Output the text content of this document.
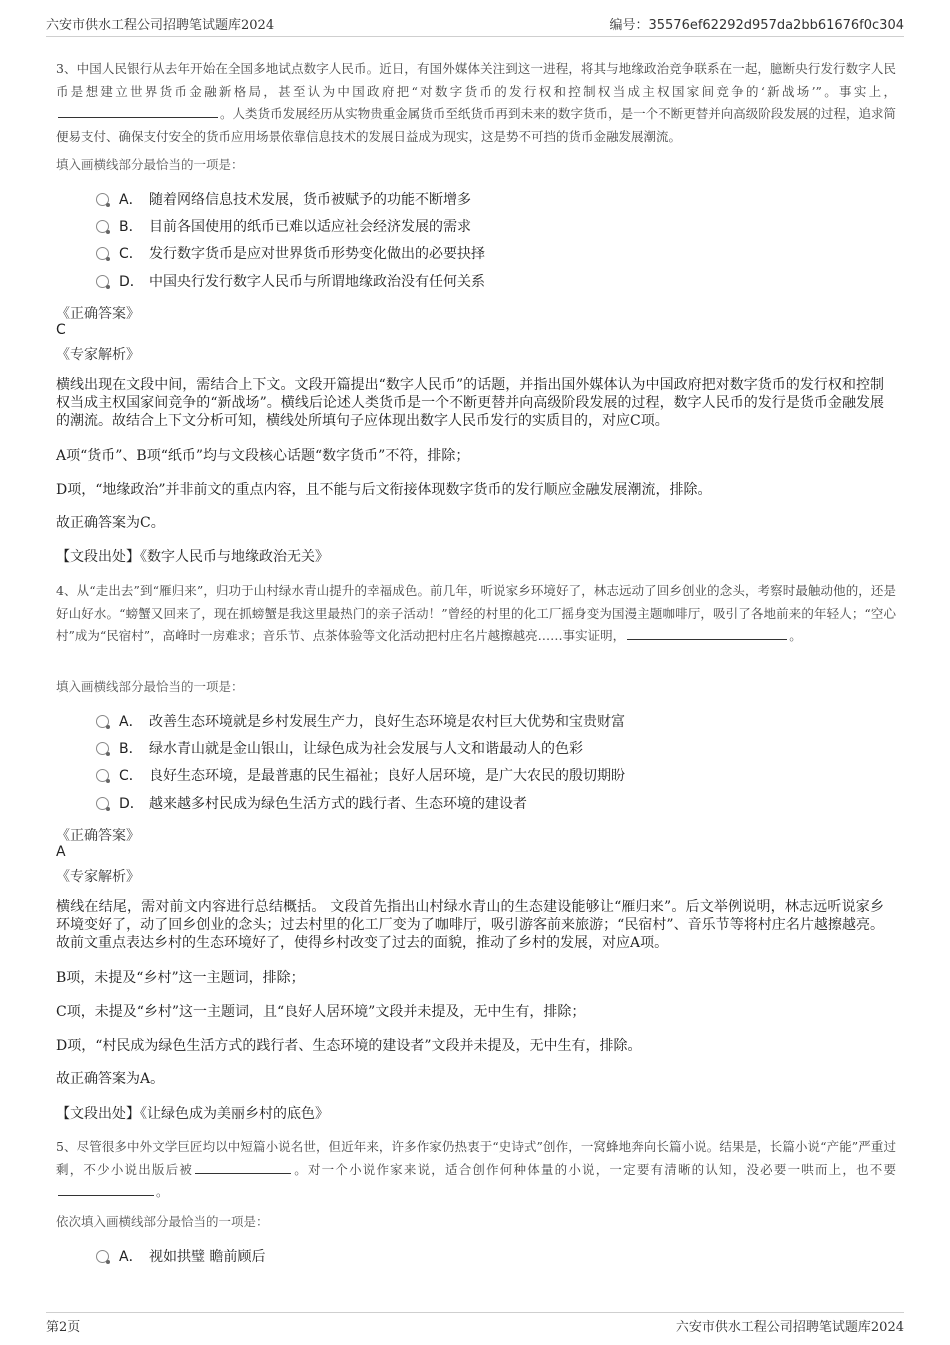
六安市供水工程公司招聘笔试题库2024	编号：35576ef62292d957da2bb61676f0c304
3、中国人民银行从去年开始在全国多地试点数字人民币。近日，有国外媒体关注到这一进程，将其与地缘政治竞争联系在一起，臆断央行发行数字人民币是想建立世界货币金融新格局，甚至认为中国政府把“对数字货币的发行权和控制权当成主权国家间竞争的‘新战场’”。事实上，。人类货币发展经历从实物贵重金属货币至纸货币再到未来的数字货币，是一个不断更替并向高级阶段发展的过程，追求简便易支付、确保支付安全的货币应用场景依靠信息技术的发展日益成为现实，这是势不可挡的货币金融发展潮流。
填入画横线部分最恰当的一项是：
A． 随着网络信息技术发展，货币被赋予的功能不断增多
B． 目前各国使用的纸币已难以适应社会经济发展的需求
C． 发行数字货币是应对世界货币形势变化做出的必要抉择
D． 中国央行发行数字人民币与所谓地缘政治没有任何关系
《正确答案》
C
《专家解析》
横线出现在文段中间，需结合上下文。文段开篇提出“数字人民币”的话题，并指出国外媒体认为中国政府把对数字货币的发行权和控制权当成主权国家间竞争的“新战场”。横线后论述人类货币是一个不断更替并向高级阶段发展的过程，数字人民币的发行是货币金融发展的潮流。故结合上下文分析可知，横线处所填句子应体现出数字人民币发行的实质目的，对应C项。
A项“货币”、B项“纸币”均与文段核心话题“数字货币”不符，排除；
D项，“地缘政治”并非前文的重点内容，且不能与后文衔接体现数字货币的发行顺应金融发展潮流，排除。
故正确答案为C。
【文段出处】《数字人民币与地缘政治无关》
4、从“走出去”到“雁归来”，归功于山村绿水青山提升的幸福成色。前几年，听说家乡环境好了，林志远动了回乡创业的念头，考察时最触动他的，还是好山好水。“螃蟹又回来了，现在抓螃蟹是我这里最热门的亲子活动！”曾经的村里的化工厂摇身变为国漫主题咖啡厅，吸引了各地前来的年轻人；“空心村”成为“民宿村”，高峰时一房难求；音乐节、点茶体验等文化活动把村庄名片越擦越亮……事实证明，	。
填入画横线部分最恰当的一项是：
A． 改善生态环境就是乡村发展生产力，良好生态环境是农村巨大优势和宝贵财富
B． 绿水青山就是金山银山，让绿色成为社会发展与人文和谐最动人的色彩
C． 良好生态环境，是最普惠的民生福祉；良好人居环境，是广大农民的殷切期盼
D． 越来越多村民成为绿色生活方式的践行者、生态环境的建设者
《正确答案》
A
《专家解析》
横线在结尾，需对前文内容进行总结概括。 文段首先指出山村绿水青山的生态建设能够让“雁归来”。后文举例说明，林志远听说家乡环境变好了，动了回乡创业的念头；过去村里的化工厂变为了咖啡厅，吸引游客前来旅游；“民宿村”、音乐节等将村庄名片越擦越亮。故前文重点表达乡村的生态环境好了，使得乡村改变了过去的面貌，推动了乡村的发展，对应A项。
B项，未提及“乡村”这一主题词，排除；
C项，未提及“乡村”这一主题词，且“良好人居环境”文段并未提及，无中生有，排除；
D项，“村民成为绿色生活方式的践行者、生态环境的建设者”文段并未提及，无中生有，排除。
故正确答案为A。
【文段出处】《让绿色成为美丽乡村的底色》
5、尽管很多中外文学巨匠均以中短篇小说名世，但近年来，许多作家仍热衷于“史诗式”创作，一窝蜂地奔向长篇小说。结果是，长篇小说“产能”严重过剩，不少小说出版后被	。对一个小说作家来说，适合创作何种体量的小说，一定要有清晰的认知，没必要一哄而上，也不要。
依次填入画横线部分最恰当的一项是：
A． 视如拱璧 瞻前顾后
第2页	六安市供水工程公司招聘笔试题库2024
